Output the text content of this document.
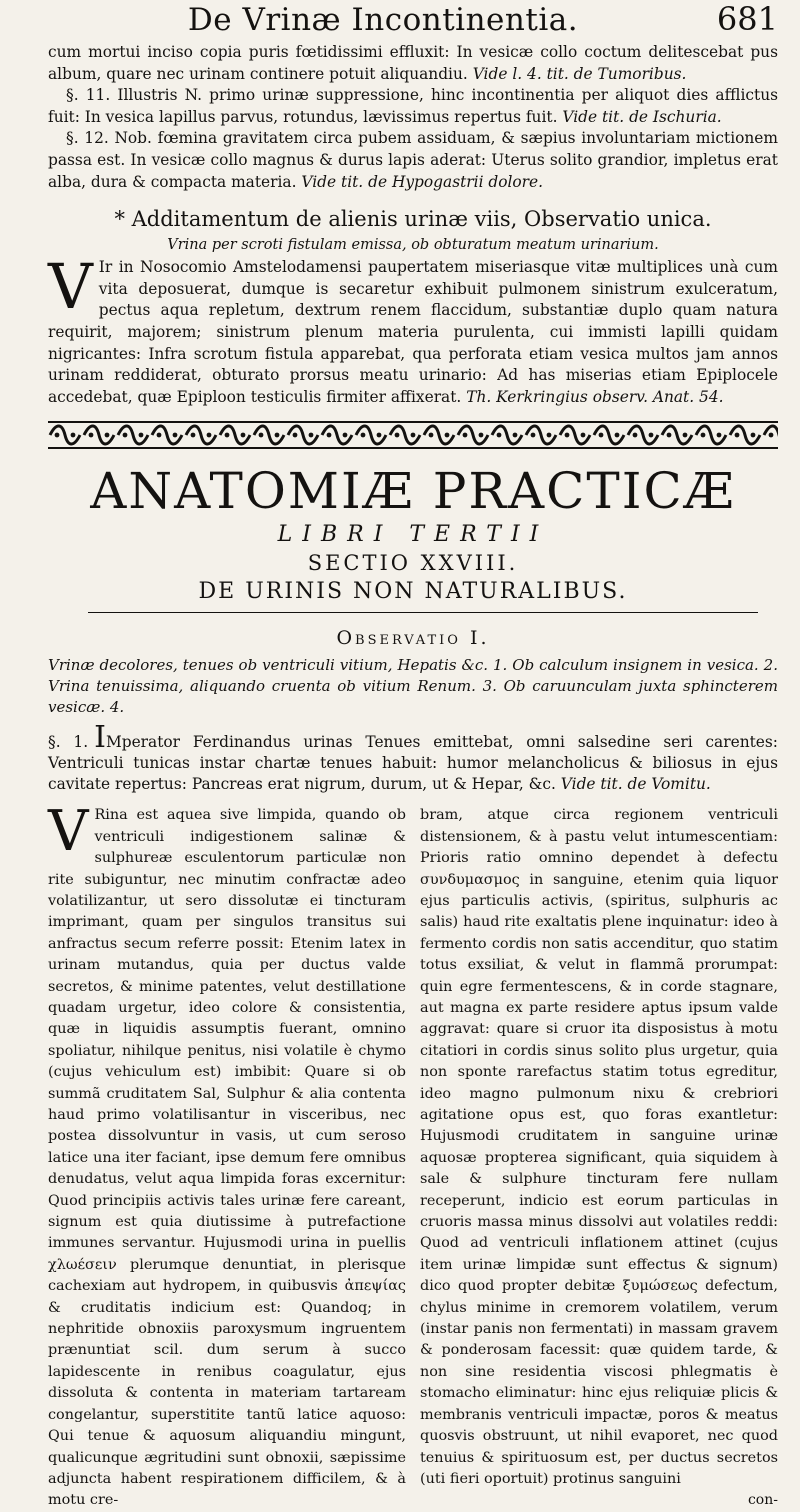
De Vrinæ Incontinentia.	681

cum mortui inciso copia puris fœtidissimi effluxit: In vesicæ collo coctum delitescebat pus album, quare nec urinam continere potuit aliquandiu. Vide l. 4. tit. de Tumoribus.

§. 11. Illustris N. primo urinæ suppressione, hinc incontinentia per aliquot dies afflictus fuit: In vesica lapillus parvus, rotundus, lævissimus repertus fuit. Vide tit. de Ischuria.

§. 12. Nob. fœmina gravitatem circa pubem assiduam, & sæpius involuntariam mictionem passa est. In vesicæ collo magnus & durus lapis aderat: Uterus solito grandior, impletus erat alba, dura & compacta materia. Vide tit. de Hypogastrii dolore.

* Additamentum de alienis urinæ viis, Observatio unica.
Vrina per scroti fistulam emissa, ob obturatum meatum urinarium.
V Ir in Nosocomio Amstelodamensi paupertatem miseriasque vitæ multiplices unà cum vita deposuerat, dumque is secaretur exhibuit pulmonem sinistrum exulceratum, pectus aqua repletum, dextrum renem flaccidum, substantiæ duplo quam natura requirit, majorem; sinistrum plenum materia purulenta, cui immisti lapilli quidam nigricantes: Infra scrotum fistula apparebat, qua perforata etiam vesica multos jam annos urinam reddiderat, obturato prorsus meatu urinario: Ad has miserias etiam Epiplocele accedebat, quæ Epiploon testiculis firmiter affixerat. Th. Kerkringius observ. Anat. 54.

ANATOMIÆ PRACTICÆ
LIBRI TERTII
SECTIO XXVIII.
DE URINIS NON NATURALIBUS.
Observatio I.
Vrinæ decolores, tenues ob ventriculi vitium, Hepatis &c. 1. Ob calculum insignem in vesica. 2. Vrina tenuissima, aliquando cruenta ob vitium Renum. 3. Ob caruunculam juxta sphincterem vesicæ. 4.

§. 1. IMperator Ferdinandus urinas Tenues emittebat, omni salsedine seri carentes: Ventriculi tunicas instar chartæ tenues habuit: humor melancholicus & biliosus in ejus cavitate repertus: Pancreas erat nigrum, durum, ut & Hepar, &c. Vide tit. de Vomitu.

V Rina est aquea sive limpida, quando ob ventriculi indigestionem salinæ & sulphureæ esculentorum particulæ non rite subiguntur, nec minutim confractæ adeo volatilizantur, ut sero dissolutæ ei tincturam imprimant, quam per singulos transitus sui anfractus secum referre possit: Etenim latex in urinam mutandus, quia per ductus valde secretos, & minime patentes, velut destillatione quadam urgetur, ideo colore & consistentia, quæ in liquidis assumptis fuerant, omnino spoliatur, nihilque penitus, nisi volatile è chymo (cujus vehiculum est) imbibit: Quare si ob summã cruditatem Sal, Sulphur & alia contenta haud primo volatilisantur in visceribus, nec postea dissolvuntur in vasis, ut cum seroso latice una iter faciant, ipse demum fere omnibus denudatus, velut aqua limpida foras excernitur: Quod principiis activis tales urinæ fere careant, signum est quia diutissime à putrefactione immunes servantur. Hujusmodi urina in puellis χλωέσειν plerumque denuntiat, in plerisque cachexiam aut hydropem, in quibusvis ἀπεψίας & cruditatis indicium est: Quandoq; in nephritide obnoxiis paroxysmum ingruentem prænuntiat scil. dum serum à succo lapidescente in renibus coagulatur, ejus dissoluta & contenta in materiam tartaream congelantur, superstitite tantũ latice aquoso: Qui tenue & aquosum aliquandiu mingunt, qualicunque ægritudini sunt obnoxii, sæpissime adjuncta habent respirationem difficilem, & à motu cre-
bram, atque circa regionem ventriculi distensionem, & à pastu velut intumescentiam: Prioris ratio omnino dependet à defectu συνδυμασμος in sanguine, etenim quia liquor ejus particulis activis, (spiritus, sulphuris ac salis) haud rite exaltatis plene inquinatur: ideo à fermento cordis non satis accenditur, quo statim totus exsiliat, & velut in flammã prorumpat: quin egre fermentescens, & in corde stagnare, aut magna ex parte residere aptus ipsum valde aggravat: quare si cruor ita disposistus à motu citatiori in cordis sinus solito plus urgetur, quia non sponte rarefactus statim totus egreditur, ideo magno pulmonum nixu & crebriori agitatione opus est, quo foras exantletur: Hujusmodi cruditatem in sanguine urinæ aquosæ propterea significant, quia siquidem à sale & sulphure tincturam fere nullam receperunt, indicio est eorum particulas in cruoris massa minus dissolvi aut volatiles reddi: Quod ad ventriculi inflationem attinet (cujus item urinæ limpidæ sunt effectus & signum) dico quod propter debitæ ξυμώσεως defectum, chylus minime in cremorem volatilem, verum (instar panis non fermentati) in massam gravem & ponderosam facessit: quæ quidem tarde, & non sine residentia viscosi phlegmatis è stomacho eliminatur: hinc ejus reliquiæ plicis & membranis ventriculi impactæ, poros & meatus quosvis obstruunt, ut nihil evaporet, nec quod tenuius & spirituosum est, per ductus secretos (uti fieri oportuit) protinus sanguini
con-
